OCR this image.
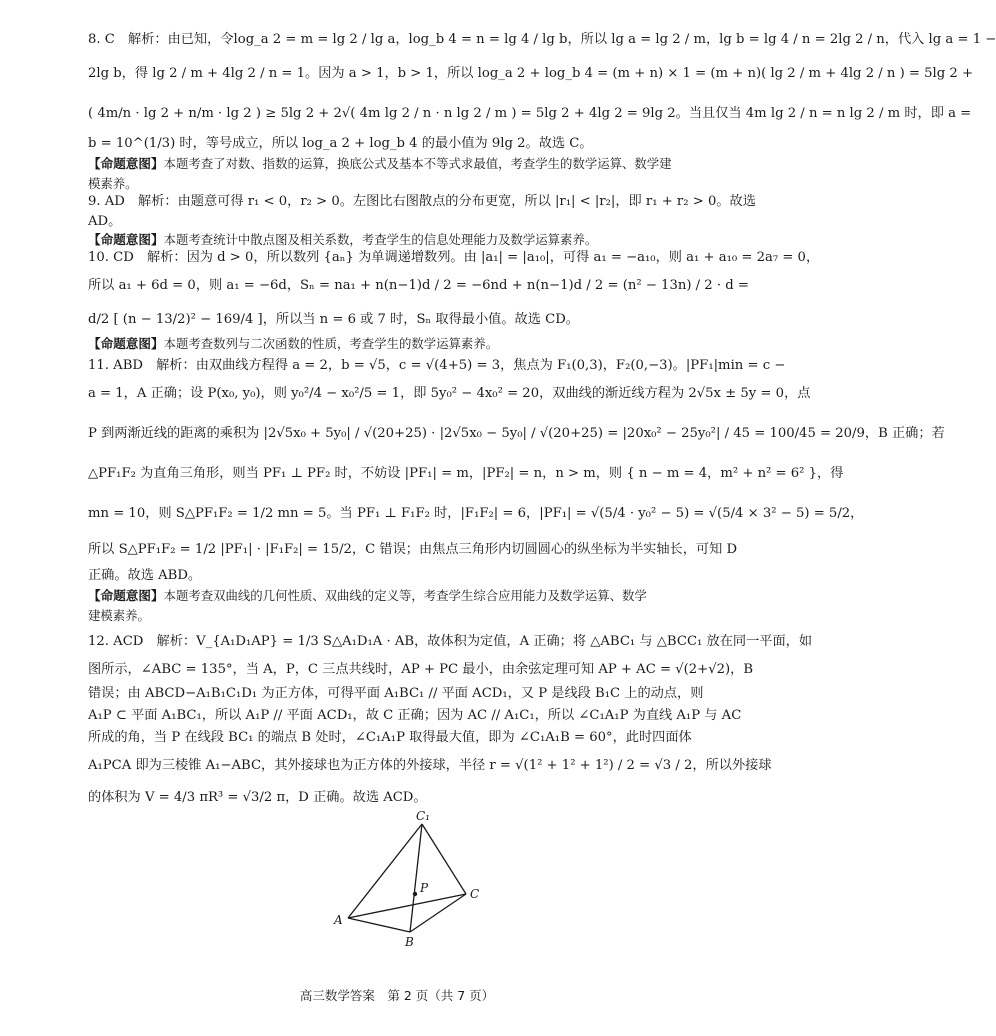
8. C　解析：由已知，令log_a 2 = m = lg 2 / lg a，log_b 4 = n = lg 4 / lg b，所以 lg a = lg 2 / m，lg b = lg 4 / n = 2lg 2 / n，代入 lg a = 1 −
2lg b，得 lg 2 / m + 4lg 2 / n = 1。因为 a > 1，b > 1，所以 log_a 2 + log_b 4 = (m + n) × 1 = (m + n)( lg 2 / m + 4lg 2 / n ) = 5lg 2 +
( 4m/n · lg 2 + n/m · lg 2 ) ≥ 5lg 2 + 2√( 4m lg 2 / n · n lg 2 / m ) = 5lg 2 + 4lg 2 = 9lg 2。当且仅当 4m lg 2 / n = n lg 2 / m 时，即 a =
b = 10^(1/3) 时，等号成立，所以 log_a 2 + log_b 4 的最小值为 9lg 2。故选 C。
【命题意图】本题考查了对数、指数的运算，换底公式及基本不等式求最值，考查学生的数学运算、数学建
模素养。
9. AD　解析：由题意可得 r₁ < 0，r₂ > 0。左图比右图散点的分布更宽，所以 |r₁| < |r₂|，即 r₁ + r₂ > 0。故选
AD。
【命题意图】本题考查统计中散点图及相关系数，考查学生的信息处理能力及数学运算素养。
10. CD　解析：因为 d > 0，所以数列 {aₙ} 为单调递增数列。由 |a₁| = |a₁₀|，可得 a₁ = −a₁₀，则 a₁ + a₁₀ = 2a₇ = 0，
所以 a₁ + 6d = 0，则 a₁ = −6d，Sₙ = na₁ + n(n−1)d / 2 = −6nd + n(n−1)d / 2 = (n² − 13n) / 2 · d =
d/2 [ (n − 13/2)² − 169/4 ]，所以当 n = 6 或 7 时，Sₙ 取得最小值。故选 CD。
【命题意图】本题考查数列与二次函数的性质，考查学生的数学运算素养。
11. ABD　解析：由双曲线方程得 a = 2，b = √5，c = √(4+5) = 3，焦点为 F₁(0,3)，F₂(0,−3)。|PF₁|min = c −
a = 1，A 正确；设 P(x₀, y₀)，则 y₀²/4 − x₀²/5 = 1，即 5y₀² − 4x₀² = 20，双曲线的渐近线方程为 2√5x ± 5y = 0，点
P 到两渐近线的距离的乘积为 |2√5x₀ + 5y₀| / √(20+25) · |2√5x₀ − 5y₀| / √(20+25) = |20x₀² − 25y₀²| / 45 = 100/45 = 20/9，B 正确；若
△PF₁F₂ 为直角三角形，则当 PF₁ ⊥ PF₂ 时，不妨设 |PF₁| = m，|PF₂| = n，n > m，则 { n − m = 4，m² + n² = 6² }，得
mn = 10，则 S△PF₁F₂ = 1/2 mn = 5。当 PF₁ ⊥ F₁F₂ 时，|F₁F₂| = 6，|PF₁| = √(5/4 · y₀² − 5) = √(5/4 × 3² − 5) = 5/2，
所以 S△PF₁F₂ = 1/2 |PF₁| · |F₁F₂| = 15/2，C 错误；由焦点三角形内切圆圆心的纵坐标为半实轴长，可知 D
正确。故选 ABD。
【命题意图】本题考查双曲线的几何性质、双曲线的定义等，考查学生综合应用能力及数学运算、数学
建模素养。
12. ACD　解析：V_{A₁D₁AP} = 1/3 S△A₁D₁A · AB，故体积为定值，A 正确；将 △ABC₁ 与 △BCC₁ 放在同一平面，如
图所示，∠ABC = 135°，当 A，P，C 三点共线时，AP + PC 最小，由余弦定理可知 AP + AC = √(2+√2)，B
错误；由 ABCD−A₁B₁C₁D₁ 为正方体，可得平面 A₁BC₁ // 平面 ACD₁，又 P 是线段 B₁C 上的动点，则
A₁P ⊂ 平面 A₁BC₁，所以 A₁P // 平面 ACD₁，故 C 正确；因为 AC // A₁C₁，所以 ∠C₁A₁P 为直线 A₁P 与 AC
所成的角，当 P 在线段 BC₁ 的端点 B 处时，∠C₁A₁P 取得最大值，即为 ∠C₁A₁B = 60°，此时四面体
A₁PCA 即为三棱锥 A₁−ABC，其外接球也为正方体的外接球，半径 r = √(1² + 1² + 1²) / 2 = √3 / 2，所以外接球
的体积为 V = 4/3 πR³ = √3/2 π，D 正确。故选 ACD。
C₁
P	C
A
B
高三数学答案　第 2 页（共 7 页）
